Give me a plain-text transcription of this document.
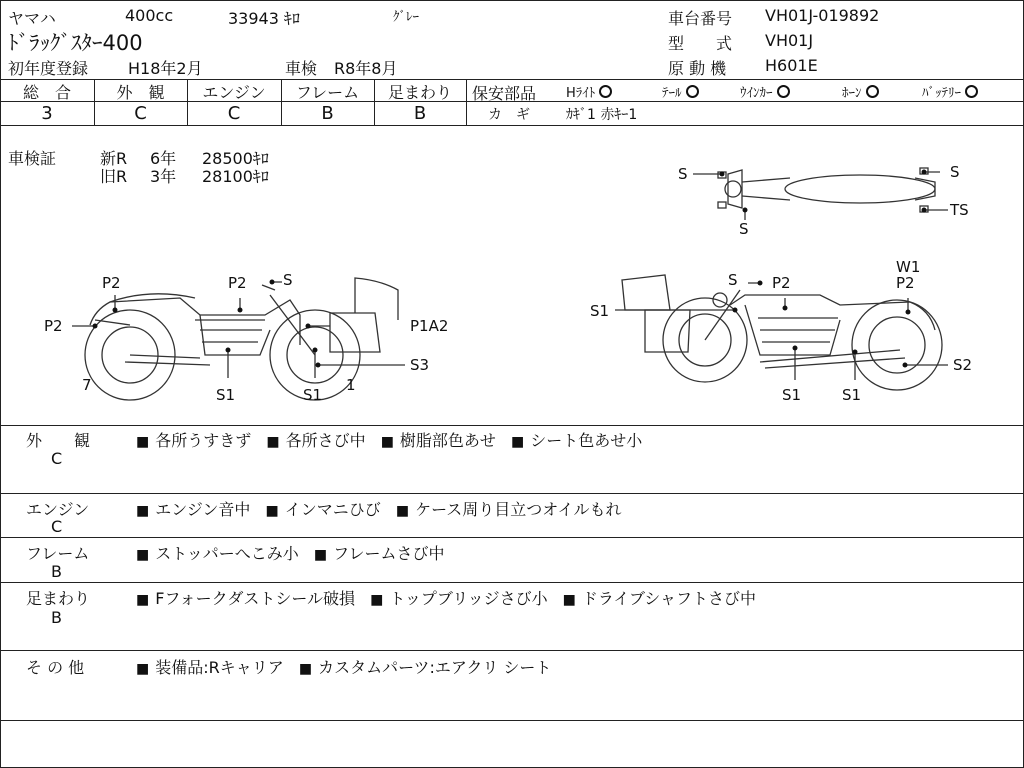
ヤマハ	400cc	33943 ｷﾛ	ｸﾞﾚｰ
ﾄﾞﾗｯｸﾞｽﾀｰ400
初年度登録 H18年2月	車検 R8年8月
車台番号 VH01J-019892
型　　式 VH01J
原 動 機 H601E
総　合	外　観	エンジン	フレーム	足まわり
3	C	C	B	B
保安部品 Hﾗｲﾄ	ﾃｰﾙ	ｳｲﾝｶｰ	ﾎｰﾝ	ﾊﾞｯﾃﾘｰ
カ　ギ	ｶｷﾞ1 赤ｷｰ1
車検証	新R 6年 28500ｷﾛ
旧R 3年 28100ｷﾛ	S	S
TS
S
P2
P2
S
P2
P1A2
S3
7
S1	S1
1
S P2
W1
P2
S1
S2
S1	S1
外　　観
C
■ 各所うすきず ■ 各所さび中 ■ 樹脂部色あせ ■ シート色あせ小
エンジン
C
■ エンジン音中 ■ インマニひび ■ ケース周り目立つオイルもれ
フレーム
B
■ ストッパーへこみ小 ■ フレームさび中
足まわり
B
■ Fフォークダストシール破損 ■ トップブリッジさび小 ■ ドライブシャフトさび中
そ の 他	■ 装備品:Rキャリア ■ カスタムパーツ:エアクリ シート
